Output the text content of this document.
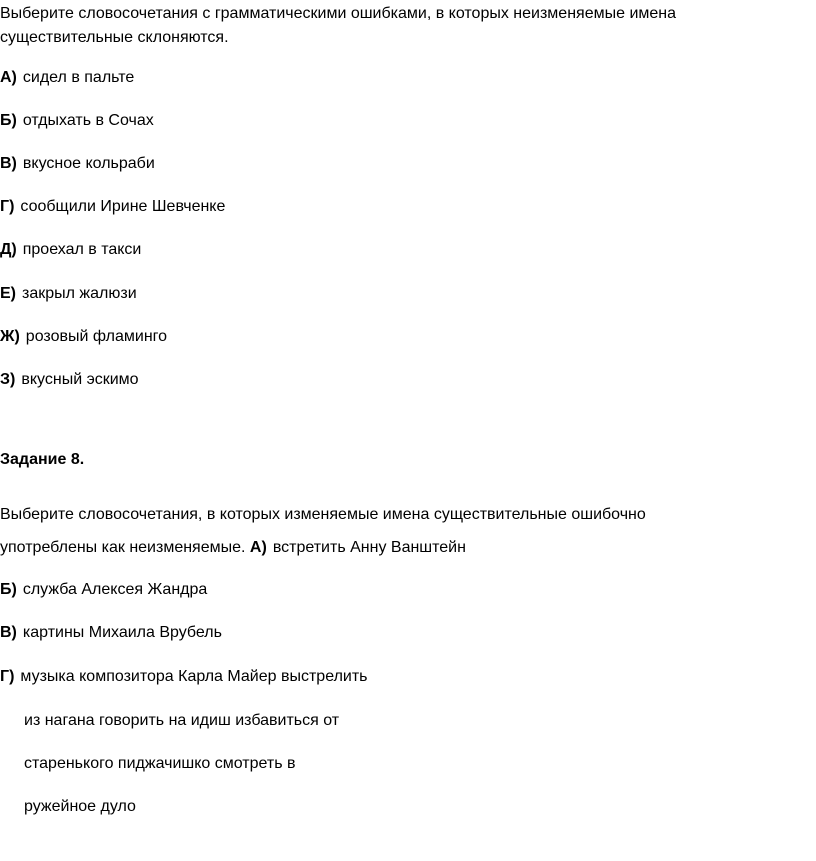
Выберите словосочетания с грамматическими ошибками, в которых неизменяемые имена
существительные склоняются.
А) сидел в пальте
Б) отдыхать в Сочах
В) вкусное кольраби
Г) сообщили Ирине Шевченке
Д) проехал в такси
Е) закрыл жалюзи
Ж) розовый фламинго
З) вкусный эскимо
Задание 8.
Выберите словосочетания, в которых изменяемые имена существительные ошибочно
употреблены как неизменяемые. А) встретить Анну Ванштейн
Б) служба Алексея Жандра
В) картины Михаила Врубель
Г) музыка композитора Карла Майер выстрелить
из нагана говорить на идиш избавиться от
старенького пиджачишко смотреть в
ружейное дуло
